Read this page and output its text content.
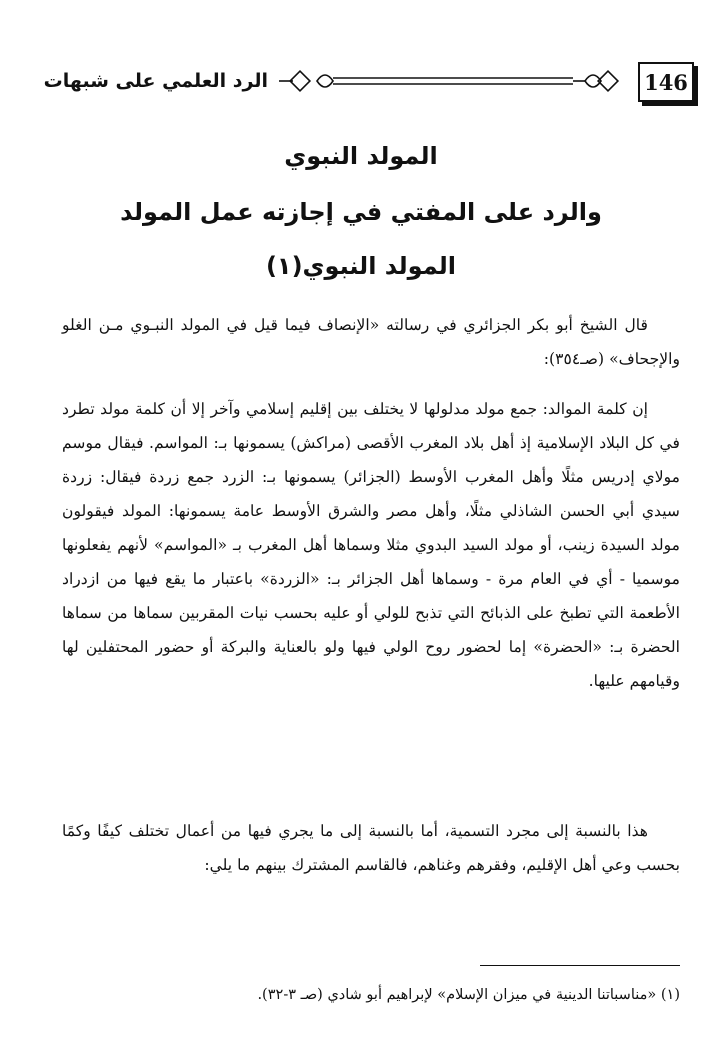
146
الرد العلمي على شبهات
المولد النبوي
والرد على المفتي في إجازته عمل المولد
المولد النبوي(١)

قال الشيخ أبو بكر الجزائري في رسالته «الإنصاف فيما قيل في المولد النبـوي مـن الغلو والإجحاف» (صـ٣٥٤):

إن كلمة الموالد: جمع مولد مدلولها لا يختلف بين إقليم إسلامي وآخر إلا أن كلمة مولد تطرد في كل البلاد الإسلامية إذ أهل بلاد المغرب الأقصى (مراكش) يسمونها بـ: المواسم. فيقال موسم مولاي إدريس مثلًا وأهل المغرب الأوسط (الجزائر) يسمونها بـ: الزرد جمع زردة فيقال: زردة سيدي أبي الحسن الشاذلي مثلًا، وأهل مصر والشرق الأوسط عامة يسمونها: المولد فيقولون مولد السيدة زينب، أو مولد السيد البدوي مثلا وسماها أهل المغرب بـ «المواسم» لأنهم يفعلونها موسميا - أي في العام مرة - وسماها أهل الجزائر بـ: «الزردة» باعتبار ما يقع فيها من ازدراد الأطعمة التي تطبخ على الذبائح التي تذبح للولي أو عليه بحسب نيات المقربين سماها من سماها الحضرة بـ: «الحضرة» إما لحضور روح الولي فيها ولو بالعناية والبركة أو حضور المحتفلين لها وقيامهم عليها.

هذا بالنسبة إلى مجرد التسمية، أما بالنسبة إلى ما يجري فيها من أعمال تختلف كيفًا وكمًا بحسب وعي أهل الإقليم، وفقرهم وغناهم، فالقاسم المشترك بينهم ما يلي:

(١) «مناسباتنا الدينية في ميزان الإسلام» لإبراهيم أبو شادي (صـ ٣-٣٢).
